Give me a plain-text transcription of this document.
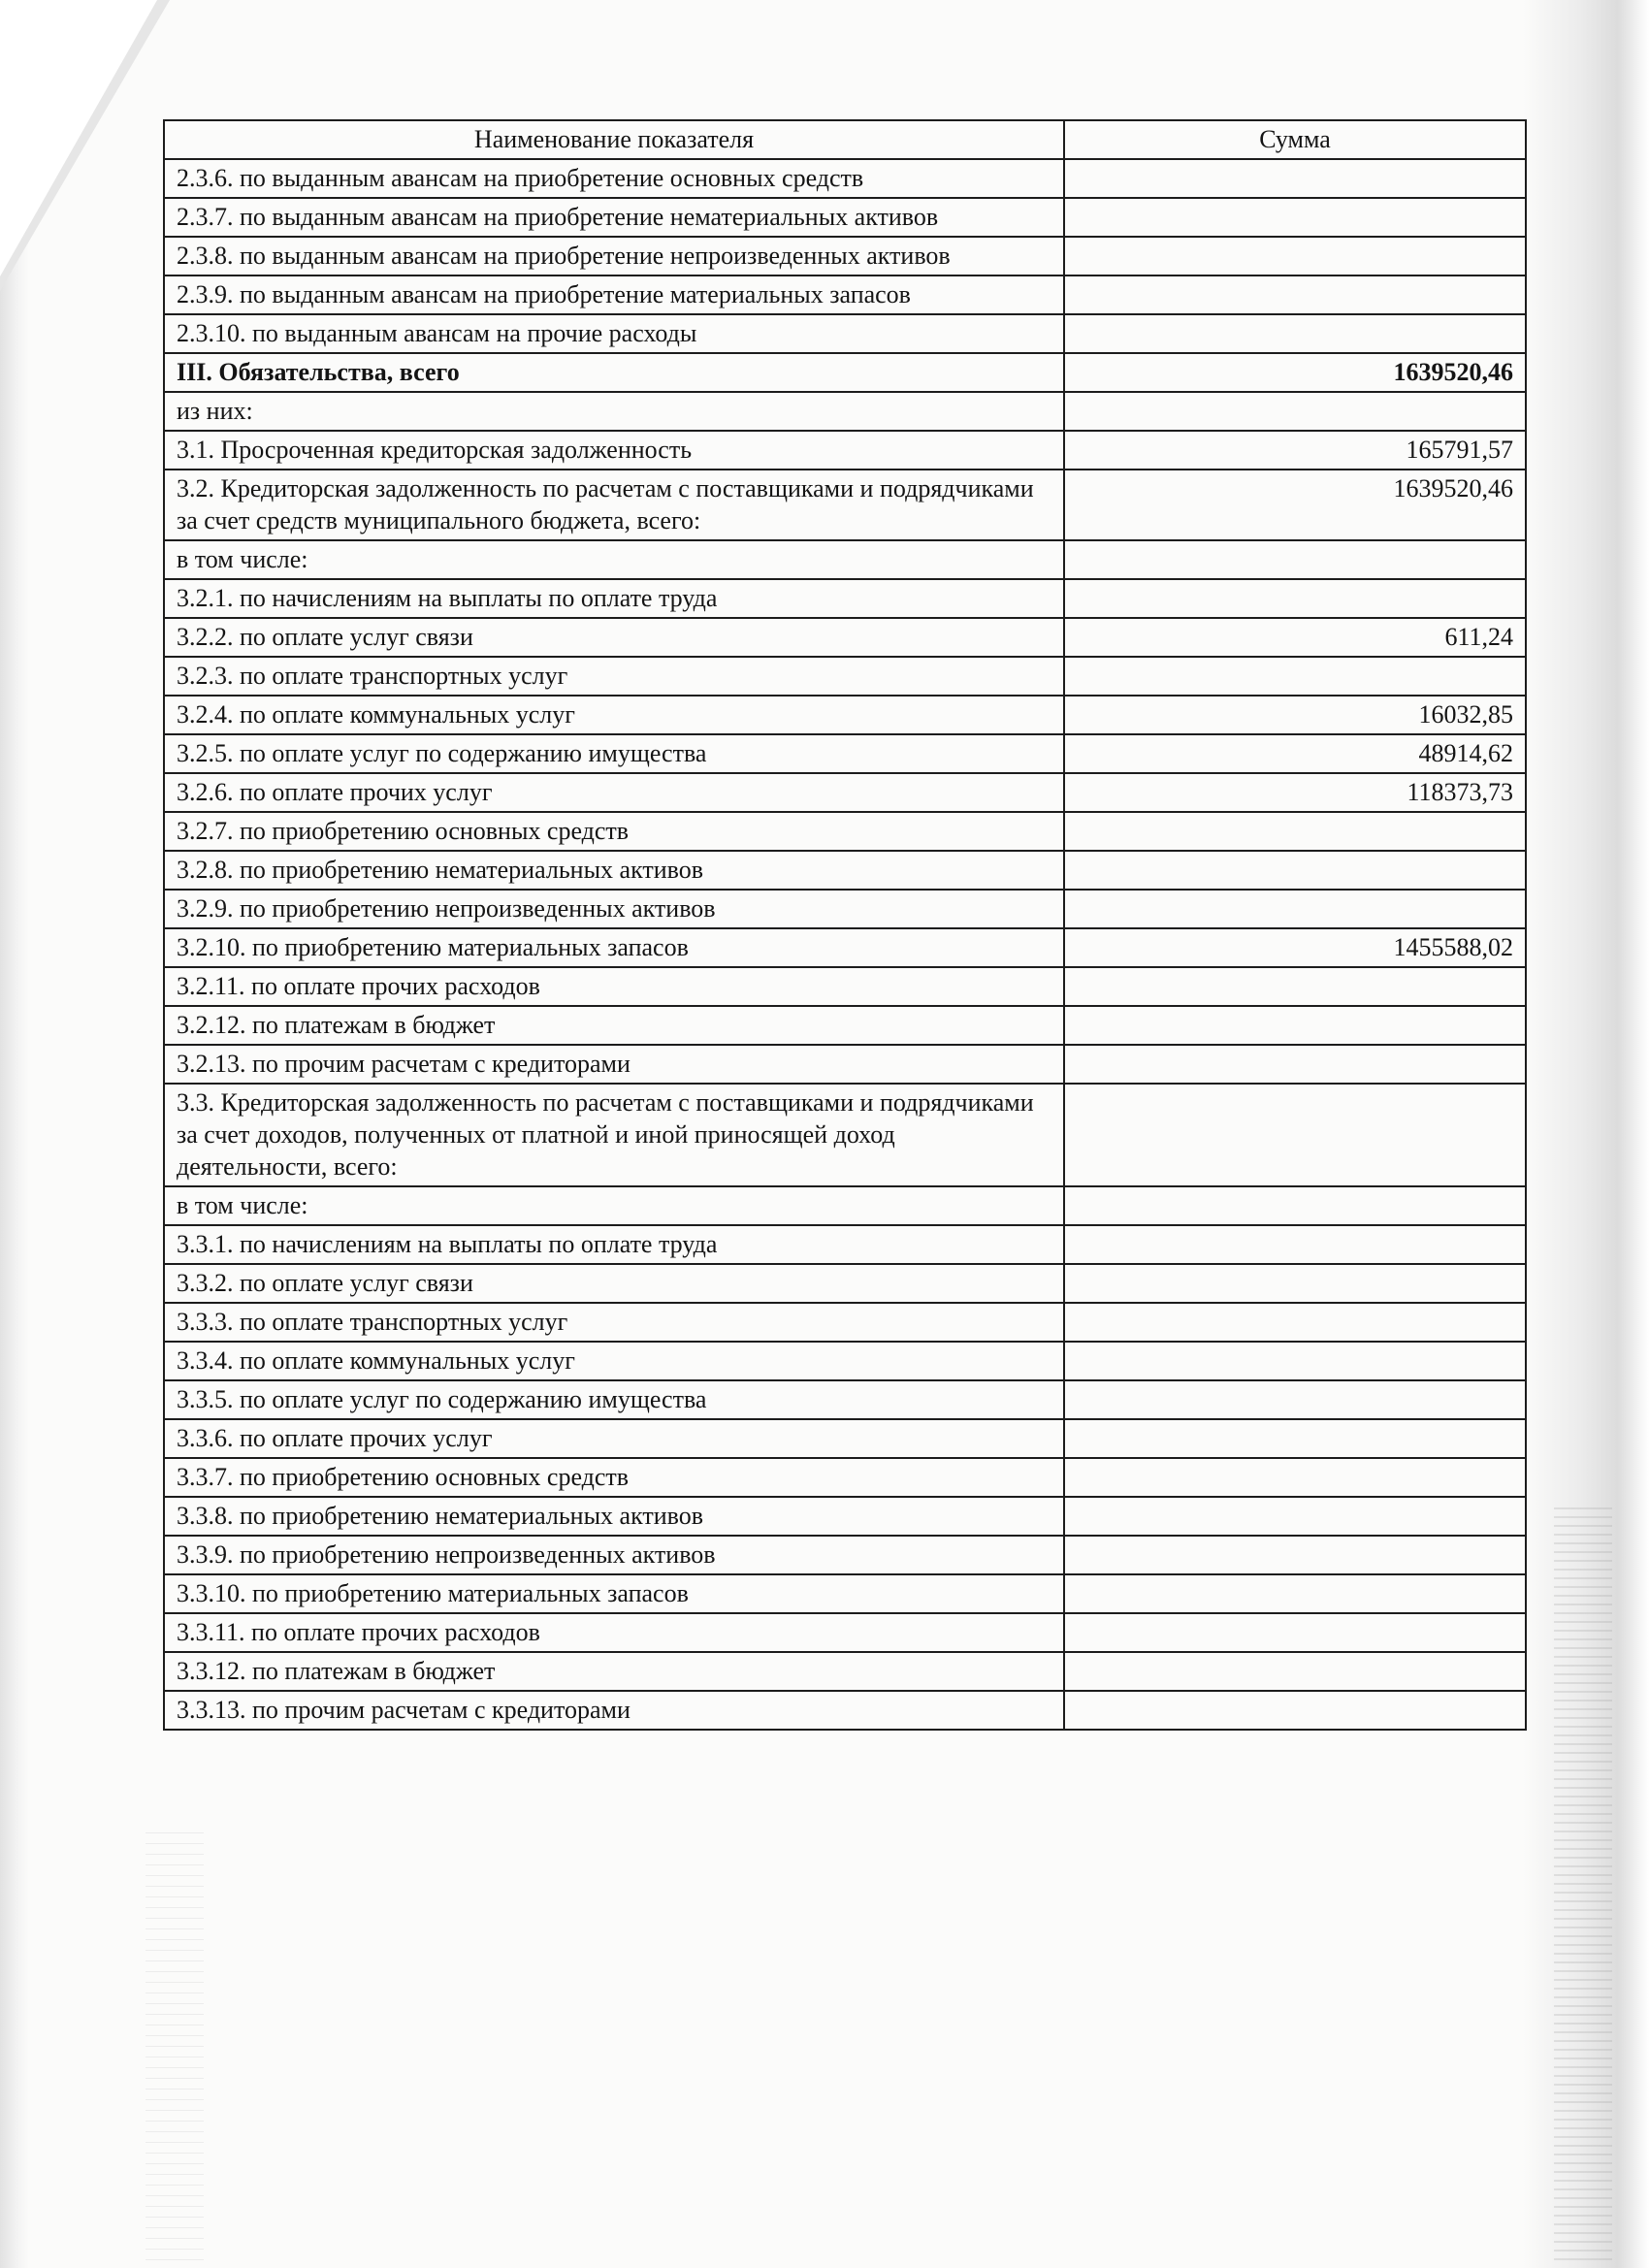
Наименование показателя	Сумма
2.3.6. по выданным авансам на приобретение основных средств	
2.3.7. по выданным авансам на приобретение нематериальных активов	
2.3.8. по выданным авансам на приобретение непроизведенных активов	
2.3.9. по выданным авансам на приобретение материальных запасов	
2.3.10. по выданным авансам на прочие расходы	
III. Обязательства, всего	1639520,46
из них:	
3.1. Просроченная кредиторская задолженность	165791,57
3.2. Кредиторская задолженность по расчетам с поставщиками и подрядчиками за счет средств муниципального бюджета, всего:	1639520,46
в том числе:	
3.2.1. по начислениям на выплаты по оплате труда	
3.2.2. по оплате услуг связи	611,24
3.2.3. по оплате транспортных услуг	
3.2.4. по оплате коммунальных услуг	16032,85
3.2.5. по оплате услуг по содержанию имущества	48914,62
3.2.6. по оплате прочих услуг	118373,73
3.2.7. по приобретению основных средств	
3.2.8. по приобретению нематериальных активов	
3.2.9. по приобретению непроизведенных активов	
3.2.10. по приобретению материальных запасов	1455588,02
3.2.11. по оплате прочих расходов	
3.2.12. по платежам в бюджет	
3.2.13. по прочим расчетам с кредиторами	
3.3. Кредиторская задолженность по расчетам с поставщиками и подрядчиками за счет доходов, полученных от платной и иной приносящей доход деятельности, всего:	
в том числе:	
3.3.1. по начислениям на выплаты по оплате труда	
3.3.2. по оплате услуг связи	
3.3.3. по оплате транспортных услуг	
3.3.4. по оплате коммунальных услуг	
3.3.5. по оплате услуг по содержанию имущества	
3.3.6. по оплате прочих услуг	
3.3.7. по приобретению основных средств	
3.3.8. по приобретению нематериальных активов	
3.3.9. по приобретению непроизведенных активов	
3.3.10. по приобретению материальных запасов	
3.3.11. по оплате прочих расходов	
3.3.12. по платежам в бюджет	
3.3.13. по прочим расчетам с кредиторами	
